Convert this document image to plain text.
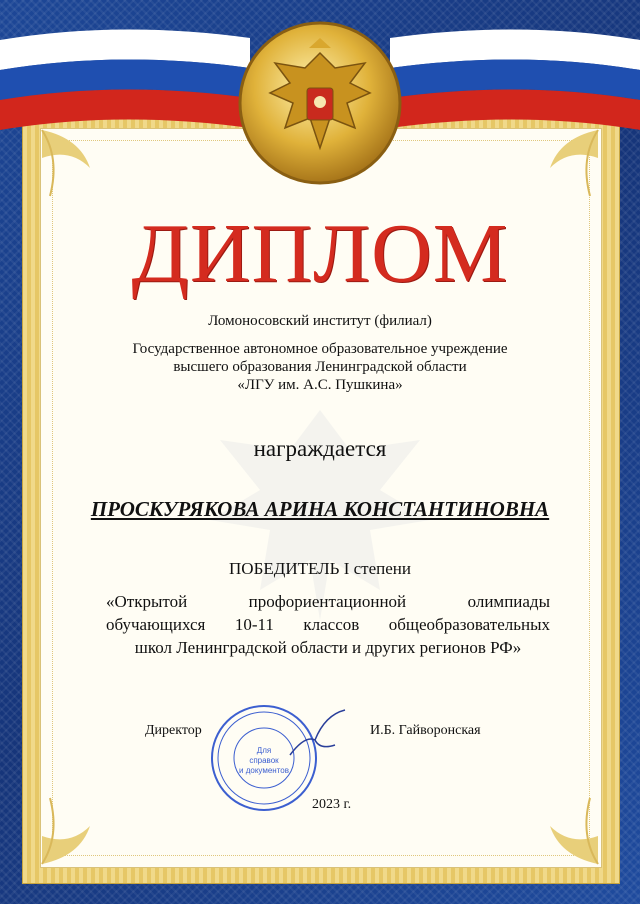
ДИПЛОМ
Ломоносовский институт (филиал)
Государственное автономное образовательное учреждение
высшего образования Ленинградской области
«ЛГУ им. А.С. Пушкина»
награждается
ПРОСКУРЯКОВА АРИНА КОНСТАНТИНОВНА
ПОБЕДИТЕЛЬ I степени
«Открытой профориентационной олимпиады
обучающихся 10-11 классов общеобразовательных
школ Ленинградской области и других регионов РФ»
Директор	И.Б. Гайворонская
Для
справок
и документов
2023 г.
